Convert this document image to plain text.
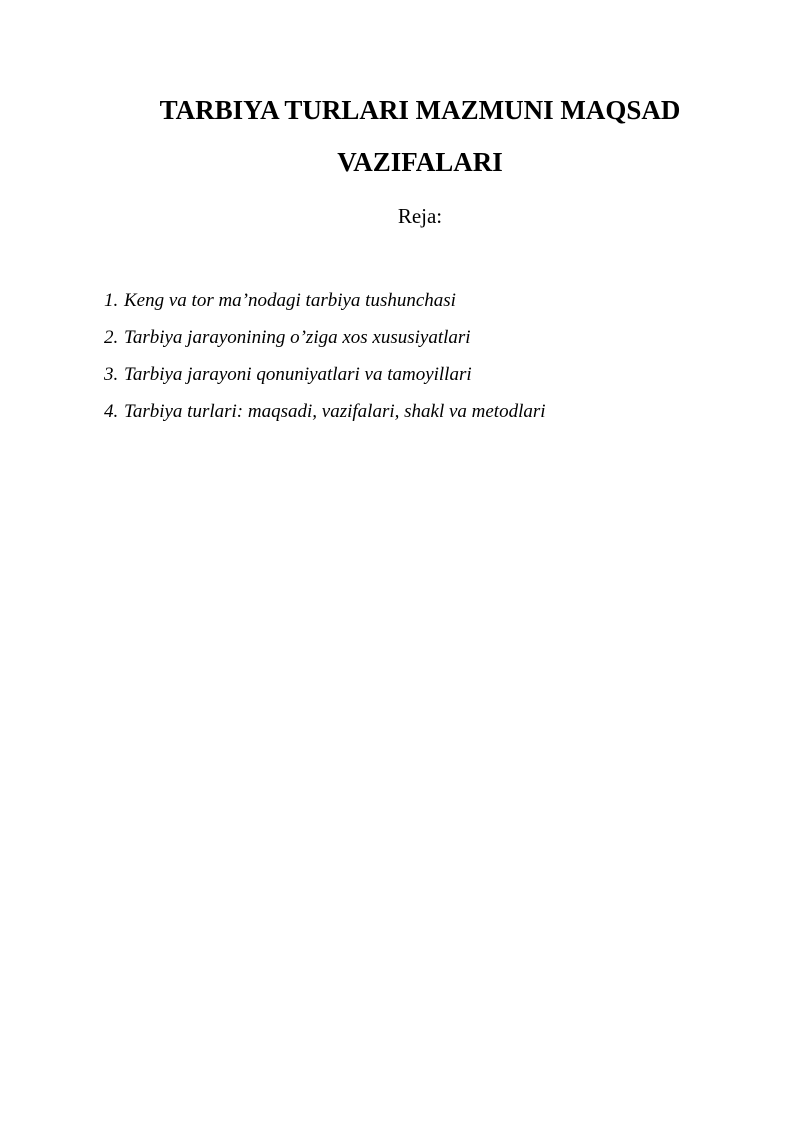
TARBIYA TURLARI MAZMUNI MAQSAD
VAZIFALARI

Reja:

1. Keng va tor ma’nodagi tarbiya tushunchasi
2. Tarbiya jarayonining o’ziga xos xususiyatlari
3. Tarbiya jarayoni qonuniyatlari va tamoyillari
4. Tarbiya turlari: maqsadi, vazifalari, shakl va metodlari
